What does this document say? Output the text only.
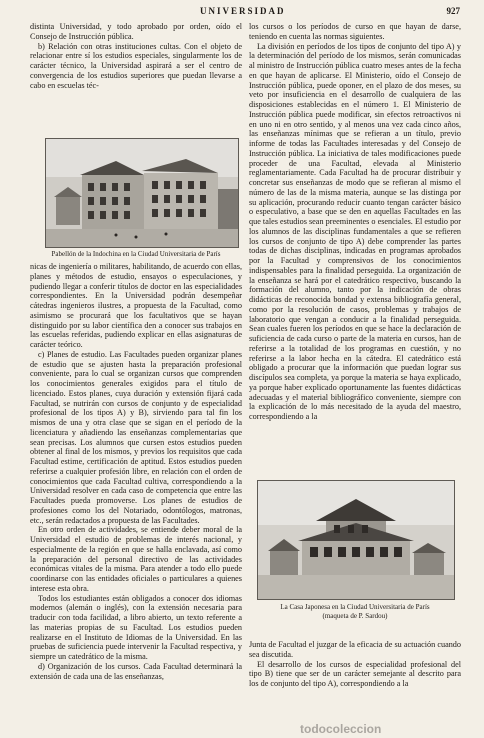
UNIVERSIDAD	927

distinta Universidad, y todo aprobado por orden, oído el Consejo de Instrucción pública.

b) Relación con otras instituciones cultas. Con el objeto de relacionar entre sí los estudios especiales, singularmente los de carácter técnico, la Universidad aspirará a ser el centro de convergencia de los estudios superiores que puedan llevarse a cabo en escuelas téc-

Pabellón de la Indochina en la Ciudad Universitaria de París

nicas de ingeniería o militares, habilitando, de acuerdo con ellas, planes y métodos de estudio, ensayos o especulaciones, y pudiendo llegar a conferir títulos de doctor en las especialidades correspondientes. En la Universidad podrán desempeñar cátedras ingenieros ilustres, a propuesta de la Facultad, como asimismo se procurará que los facultativos que se hayan distinguido por su labor científica den a conocer sus trabajos en las escuelas referidas, pudiendo explicar en ellas asignaturas de carácter teórico.

c) Planes de estudio. Las Facultades pueden organizar planes de estudio que se ajusten hasta la preparación profesional conveniente, para lo cual se organizan cursos que comprenden los conocimientos generales exigidos para el título de licenciado. Estos planes, cuya duración y extensión fijará cada Facultad, se nutrirán con cursos de conjunto y de especialidad profesional de los tipos A) y B), sirviendo para tal fin los mismos de una y otra clase que se sigan en el período de la licenciatura y añadiendo las enseñanzas complementarias que sean precisas. Los alumnos que cursen estos estudios pueden obtener al final de los mismos, y previos los requisitos que cada Facultad estime, certificación de aptitud. Estos estudios pueden referirse a cualquier profesión libre, en relación con el orden de conocimientos que cada Facultad cultiva, correspondiendo a la Universidad resolver en cada caso de competencia que entre las Facultades pueda promoverse. Los planes de estudios de profesiones como los del Notariado, odontólogos, matronas, etc., serán redactados a propuesta de las Facultades.

En otro orden de actividades, se entiende deber moral de la Universidad el estudio de problemas de interés nacional, y especialmente de la región en que se halla enclavada, así como la preparación del personal directivo de las actividades económicas vitales de la misma. Para atender a todo ello puede coordinarse con las entidades oficiales o particulares a quienes interese esta obra.

Todos los estudiantes están obligados a conocer dos idiomas modernos (alemán o inglés), con la extensión necesaria para traducir con toda facilidad, a libro abierto, un texto referente a las materias propias de su Facultad. Los estudios pueden realizarse en el Instituto de Idiomas de la Universidad. En las pruebas de suficiencia puede intervenir la Facultad respectiva, y siempre un catedrático de la misma.

d) Organización de los cursos. Cada Facultad determinará la extensión de cada una de las enseñanzas,

los cursos o los períodos de curso en que hayan de darse, teniendo en cuenta las normas siguientes.

La división en períodos de los tipos de conjunto del tipo A) y la determinación del período de los mismos, serán comunicadas al ministro de Instrucción pública cuatro meses antes de la fecha en que hayan de aplicarse. El Ministerio, oído el Consejo de Instrucción pública, puede oponer, en el plazo de dos meses, su veto por insuficiencia en el desarrollo de cualquiera de las disposiciones establecidas en el número 1. El Ministerio de Instrucción pública puede modificar, sin efectos retroactivos ni en uno ni en otro sentido, y al menos una vez cada cinco años, las enseñanzas mínimas que se refieran a un título, previo informe de todas las Facultades interesadas y del Consejo de Instrucción pública. La iniciativa de tales modificaciones puede proceder de una Facultad, elevada al Ministerio reglamentariamente. Cada Facultad ha de procurar distribuir y concretar sus enseñanzas de modo que se refieran al mismo el número de las de la misma materia, aunque se las distinga por su aplicación, procurando reducir cuanto tengan carácter básico o especulativo, a base que se den en aquellas Facultades en las que tales estudios sean preeminentes o esenciales. El estudio por los alumnos de las disciplinas fundamentales a que se refieren los cursos de conjunto de tipo A) debe comprender las partes todas de dichas disciplinas, indicadas en programas aprobados por la Facultad y comprensivos de los conocimientos indispensables para la finalidad perseguida. La organización de la enseñanza se hará por el catedrático respectivo, buscando la formación del alumno, tanto por la indicación de obras didácticas de reconocida bondad y extensa bibliografía general, como por la resolución de casos, problemas y trabajos de laboratorio que vengan a conducir a la finalidad perseguida. Sean cuales fueren los períodos en que se hace la declaración de suficiencia de cada curso o parte de la materia en cursos, han de referirse a la totalidad de los programas en cuestión, y no referirse a la labor hecha en la cátedra. El catedrático está obligado a procurar que la información que puedan lograr sus discípulos sea completa, ya porque la materia se haya explicado, ya porque haber explicado oportunamente las fuentes didácticas adecuadas y el material bibliográfico conveniente, siempre con la explicación de lo más necesitado de la ayuda del maestro, correspondiendo a la

La Casa Japonesa en la Ciudad Universitaria de París
(maqueta de P. Sardou)

Junta de Facultad el juzgar de la eficacia de su actuación cuando sea discutida.

El desarrollo de los cursos de especialidad profesional del tipo B) tiene que ser de un carácter semejante al descrito para los de conjunto del tipo A), correspondiendo a la

todocoleccion
